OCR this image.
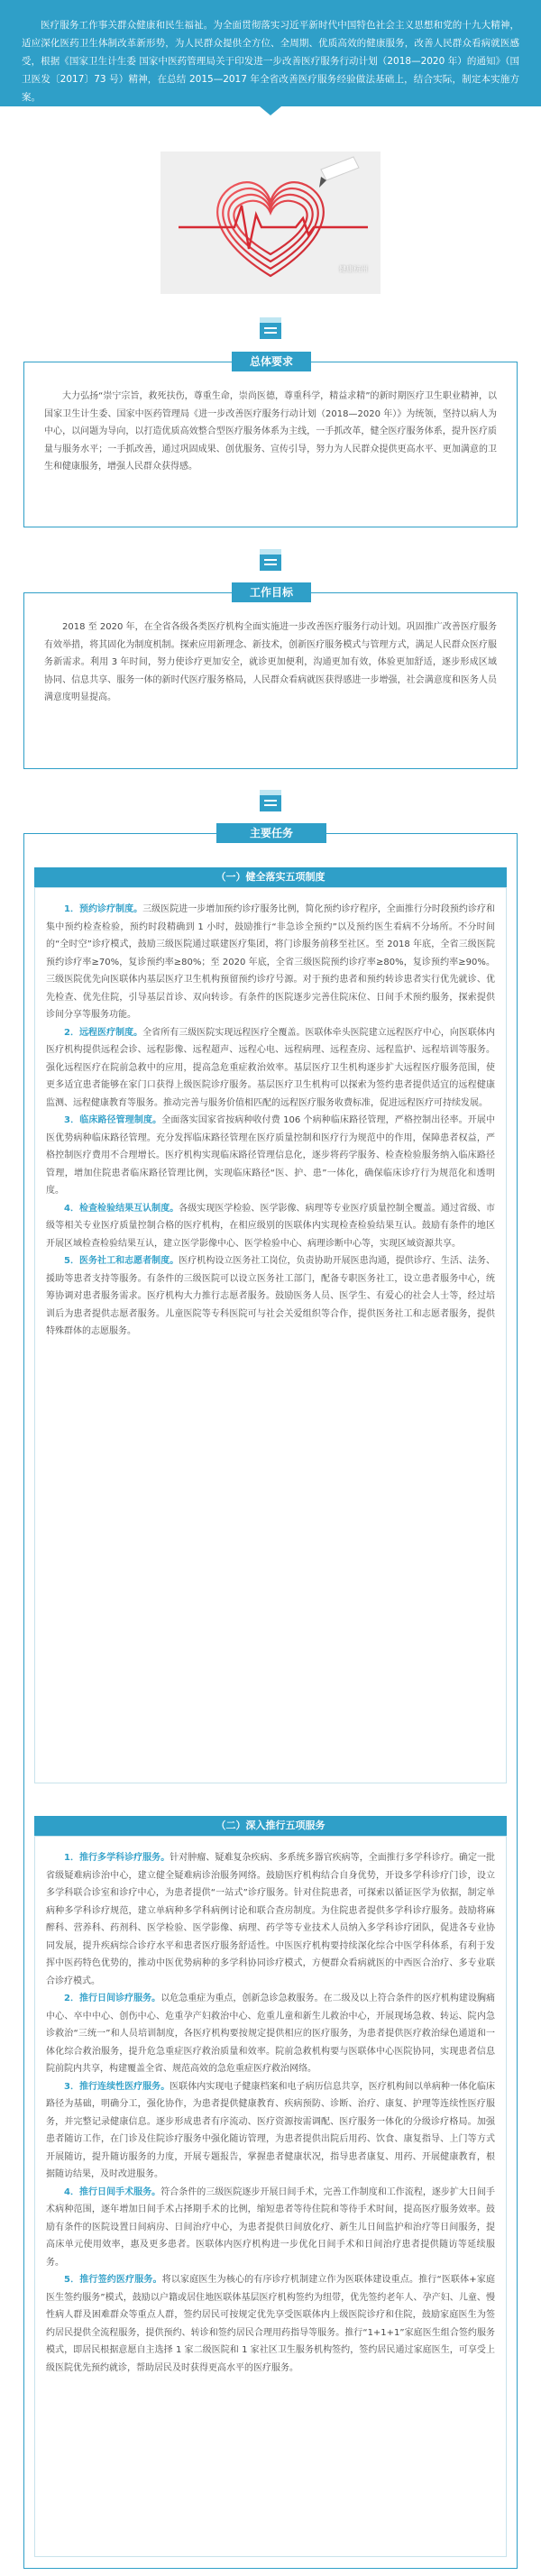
医疗服务工作事关群众健康和民生福祉。为全面贯彻落实习近平新时代中国特色社会主义思想和党的十九大精神，适应深化医药卫生体制改革新形势，为人民群众提供全方位、全周期、优质高效的健康服务，改善人民群众看病就医感受，根据《国家卫生计生委 国家中医药管理局关于印发进一步改善医疗服务行动计划（2018—2020 年）的通知》（国卫医发〔2017〕73 号）精神，在总结 2015—2017 年全省改善医疗服务经验做法基础上，结合实际，制定本实施方案。

健康杭州
总体要求

大力弘扬“崇宁宗旨，救死扶伤，尊重生命，崇尚医德，尊重科学，精益求精”的新时期医疗卫生职业精神，以国家卫生计生委、国家中医药管理局《进一步改善医疗服务行动计划（2018—2020 年）》为统领，坚持以病人为中心，以问题为导向，以打造优质高效整合型医疗服务体系为主线，一手抓改革，健全医疗服务体系，提升医疗质量与服务水平；一手抓改善，通过巩固成果、创优服务、宣传引导，努力为人民群众提供更高水平、更加满意的卫生和健康服务，增强人民群众获得感。

工作目标

2018 至 2020 年，在全省各级各类医疗机构全面实施进一步改善医疗服务行动计划。巩固推广改善医疗服务有效举措，将其固化为制度机制。探索应用新理念、新技术，创新医疗服务模式与管理方式，满足人民群众医疗服务新需求。利用 3 年时间，努力使诊疗更加安全，就诊更加便利，沟通更加有效，体验更加舒适，逐步形成区域协同、信息共享、服务一体的新时代医疗服务格局，人民群众看病就医获得感进一步增强，社会满意度和医务人员满意度明显提高。

主要任务
（一）健全落实五项制度

1．预约诊疗制度。三级医院进一步增加预约诊疗服务比例，简化预约诊疗程序，全面推行分时段预约诊疗和集中预约检查检验，预约时段精确到 1 小时，鼓励推行“非急诊全预约”以及预约医生看病不分场所。不分时间的“全时空”诊疗模式，鼓励三级医院通过联建医疗集团，将门诊服务前移至社区。至 2018 年底，全省三级医院预约诊疗率≥70%，复诊预约率≥80%；至 2020 年底，全省三级医院预约诊疗率≥80%，复诊预约率≥90%。三级医院优先向医联体内基层医疗卫生机构预留预约诊疗号源。对于预约患者和预约转诊患者实行优先就诊、优先检查、优先住院，引导基层首诊、双向转诊。有条件的医院逐步完善住院床位、日间手术预约服务，探索提供诊间分享等服务功能。

2．远程医疗制度。全省所有三级医院实现远程医疗全覆盖。医联体牵头医院建立远程医疗中心，向医联体内医疗机构提供远程会诊、远程影像、远程超声、远程心电、远程病理、远程查房、远程监护、远程培训等服务。强化远程医疗在院前急救中的应用，提高急危重症救治效率。基层医疗卫生机构逐步扩大远程医疗服务范围，使更多适宜患者能够在家门口获得上级医院诊疗服务。基层医疗卫生机构可以探索为签约患者提供适宜的远程健康监测、远程健康教育等服务。推动完善与服务价值相匹配的远程医疗服务收费标准，促进远程医疗可持续发展。

3．临床路径管理制度。全面落实国家省按病种收付费 106 个病种临床路径管理，严格控制出径率。开展中医优势病种临床路径管理。充分发挥临床路径管理在医疗质量控制和医疗行为规范中的作用，保障患者权益，严格控制医疗费用不合理增长。医疗机构实现临床路径管理信息化，逐步将药学服务、检查检验服务纳入临床路径管理，增加住院患者临床路径管理比例，实现临床路径“医、护、患”一体化，确保临床诊疗行为规范化和透明度。

4．检查检验结果互认制度。各级实现医学检验、医学影像、病理等专业医疗质量控制全覆盖。通过省级、市级等相关专业医疗质量控制合格的医疗机构，在相应级别的医联体内实现检查检验结果互认。鼓励有条件的地区开展区域检查检验结果互认，建立医学影像中心、医学检验中心、病理诊断中心等，实现区域资源共享。

5．医务社工和志愿者制度。医疗机构设立医务社工岗位，负责协助开展医患沟通，提供诊疗、生活、法务、援助等患者支持等服务。有条件的三级医院可以设立医务社工部门，配备专职医务社工，设立患者服务中心，统筹协调对患者服务需求。医疗机构大力推行志愿者服务。鼓励医务人员、医学生、有爱心的社会人士等，经过培训后为患者提供志愿者服务。儿童医院等专科医院可与社会关爱组织等合作，提供医务社工和志愿者服务，提供特殊群体的志愿服务。

（二）深入推行五项服务

1．推行多学科诊疗服务。针对肿瘤、疑难复杂疾病、多系统多器官疾病等，全面推行多学科诊疗。确定一批省级疑难病诊治中心，建立健全疑难病诊治服务网络。鼓励医疗机构结合自身优势，开设多学科诊疗门诊，设立多学科联合诊室和诊疗中心，为患者提供“一站式”诊疗服务。针对住院患者，可探索以循证医学为依据，制定单病种多学科诊疗规范，建立单病种多学科病例讨论和联合查房制度。为住院患者提供多学科诊疗服务。鼓励将麻醉科、营养科、药剂科、医学检验、医学影像、病理、药学等专业技术人员纳入多学科诊疗团队，促进各专业协同发展，提升疾病综合诊疗水平和患者医疗服务舒适性。中医医疗机构要持续深化综合中医学科体系，有利于发挥中医药特色优势的，推动中医优势病种的多学科协同诊疗模式，方便群众看病就医的中西医合治疗、多专业联合诊疗模式。

2．推行日间诊疗服务。以危急重症为重点，创新急诊急救服务。在二级及以上符合条件的医疗机构建设胸痛中心、卒中中心、创伤中心、危重孕产妇救治中心、危重儿童和新生儿救治中心，开展现场急救、转运、院内急诊救治“三统一”和人员培训制度，各医疗机构要按规定提供相应的医疗服务，为患者提供医疗救治绿色通道和一体化综合救治服务，提升危急重症医疗救治质量和效率。院前急救机构要与医联体中心医院协同，实现患者信息院前院内共享，构建覆盖全省、规范高效的急危重症医疗救治网络。

3．推行连续性医疗服务。医联体内实现电子健康档案和电子病历信息共享，医疗机构间以单病种一体化临床路径为基础，明确分工，强化协作，为患者提供健康教育、疾病预防、诊断、治疗、康复、护理等连续性医疗服务，并完整记录健康信息。逐步形成患者有序流动、医疗资源按需调配、医疗服务一体化的分级诊疗格局。加强患者随访工作，在门诊及住院诊疗服务中强化随访管理，为患者提供出院后用药、饮食、康复指导、上门等方式开展随访，提升随访服务的力度，开展专题报告，掌握患者健康状况，指导患者康复、用药、开展健康教育，根据随访结果，及时改进服务。

4．推行日间手术服务。符合条件的三级医院逐步开展日间手术，完善工作制度和工作流程，逐步扩大日间手术病种范围，逐年增加日间手术占择期手术的比例，缩短患者等待住院和等待手术时间，提高医疗服务效率。鼓励有条件的医院设置日间病房、日间治疗中心，为患者提供日间放化疗、新生儿日间监护和治疗等日间服务，提高床单元使用效率，惠及更多患者。医联体内医疗机构进一步优化日间手术和日间治疗患者提供随访等延续服务。

5．推行签约医疗服务。将以家庭医生为核心的有序诊疗机制建立作为医联体建设重点。推行“医联体+家庭医生签约服务”模式，鼓励以户籍或居住地医联体基层医疗机构签约为纽带，优先签约老年人、孕产妇、儿童、慢性病人群及困难群众等重点人群，签约居民可按规定优先享受医联体内上级医院诊疗和住院，鼓励家庭医生为签约居民提供全流程服务，提供预约、转诊和签约居民合理用药指导等服务。推行“1+1+1”家庭医生组合签约服务模式，即居民根据意愿自主选择 1 家二级医院和 1 家社区卫生服务机构签约，签约居民通过家庭医生，可享受上级医院优先预约就诊，帮助居民及时获得更高水平的医疗服务。
